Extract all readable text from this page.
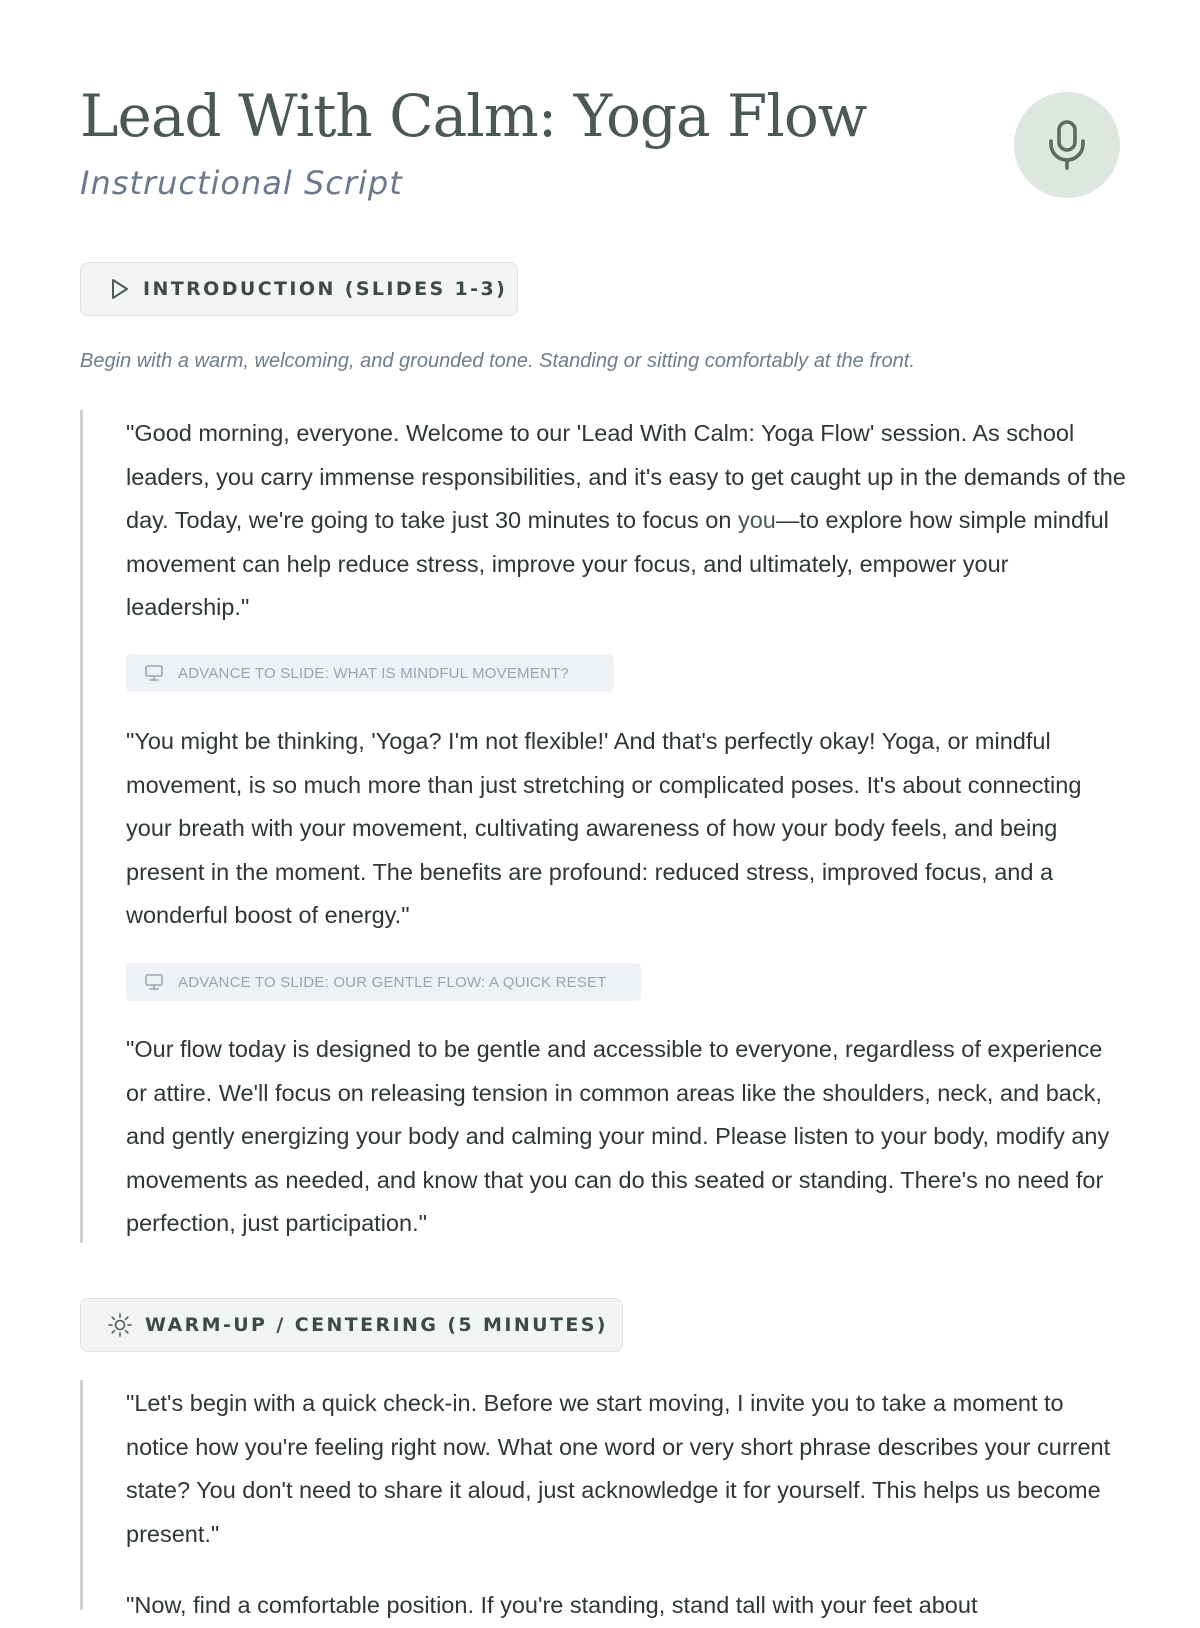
Lead With Calm: Yoga Flow
Instructional Script
INTRODUCTION (SLIDES 1-3)
Begin with a warm, welcoming, and grounded tone. Standing or sitting comfortably at the front.

"Good morning, everyone. Welcome to our 'Lead With Calm: Yoga Flow' session. As school leaders, you carry immense responsibilities, and it's easy to get caught up in the demands of the day. Today, we're going to take just 30 minutes to focus on you—to explore how simple mindful movement can help reduce stress, improve your focus, and ultimately, empower your leadership."

ADVANCE TO SLIDE: WHAT IS MINDFUL MOVEMENT?

"You might be thinking, 'Yoga? I'm not flexible!' And that's perfectly okay! Yoga, or mindful movement, is so much more than just stretching or complicated poses. It's about connecting your breath with your movement, cultivating awareness of how your body feels, and being present in the moment. The benefits are profound: reduced stress, improved focus, and a wonderful boost of energy."

ADVANCE TO SLIDE: OUR GENTLE FLOW: A QUICK RESET

"Our flow today is designed to be gentle and accessible to everyone, regardless of experience or attire. We'll focus on releasing tension in common areas like the shoulders, neck, and back, and gently energizing your body and calming your mind. Please listen to your body, modify any movements as needed, and know that you can do this seated or standing. There's no need for perfection, just participation."

WARM-UP / CENTERING (5 MINUTES)

"Let's begin with a quick check-in. Before we start moving, I invite you to take a moment to notice how you're feeling right now. What one word or very short phrase describes your current state? You don't need to share it aloud, just acknowledge it for yourself. This helps us become present."

"Now, find a comfortable position. If you're standing, stand tall with your feet about
